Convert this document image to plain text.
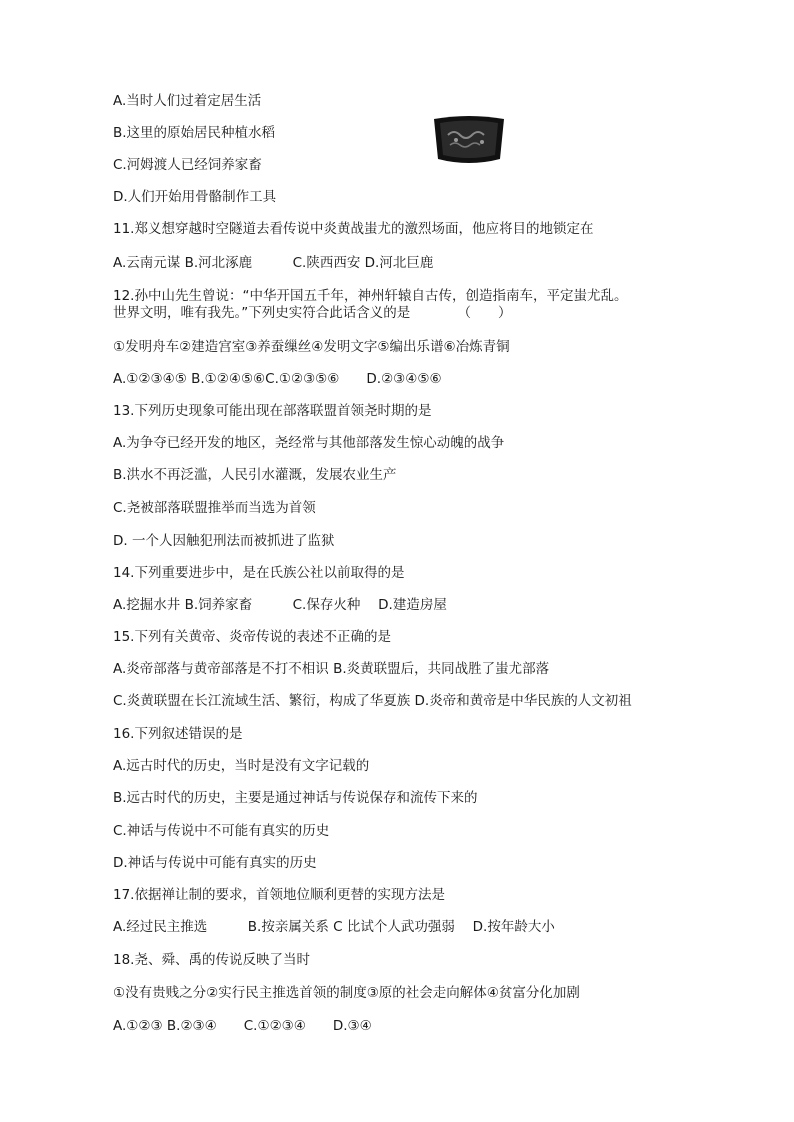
A.当时人们过着定居生活
B.这里的原始居民种植水稻
C.河姆渡人已经饲养家畜
D.人们开始用骨骼制作工具
11.郑义想穿越时空隧道去看传说中炎黄战蚩尤的激烈场面，他应将目的地锁定在
A.云南元谋 B.河北涿鹿　　　C.陕西西安 D.河北巨鹿
12.孙中山先生曾说：“中华开国五千年，神州轩辕自古传，创造指南车，平定蚩尤乱。
世界文明，唯有我先。”下列史实符合此话含义的是　　　　（　　）
①发明舟车②建造宫室③养蚕缫丝④发明文字⑤编出乐谱⑥冶炼青铜
A.①②③④⑤ B.①②④⑤⑥C.①②③⑤⑥　　D.②③④⑤⑥
13.下列历史现象可能出现在部落联盟首领尧时期的是
A.为争夺已经开发的地区，尧经常与其他部落发生惊心动魄的战争
B.洪水不再泛滥，人民引水灌溉，发展农业生产
C.尧被部落联盟推举而当选为首领
D. 一个人因触犯刑法而被抓进了监狱
14.下列重要进步中，是在氏族公社以前取得的是
A.挖掘水井 B.饲养家畜　　　C.保存火种　 D.建造房屋
15.下列有关黄帝、炎帝传说的表述不正确的是
A.炎帝部落与黄帝部落是不打不相识 B.炎黄联盟后，共同战胜了蚩尤部落
C.炎黄联盟在长江流域生活、繁衍，构成了华夏族 D.炎帝和黄帝是中华民族的人文初祖
16.下列叙述错误的是
A.远古时代的历史，当时是没有文字记载的
B.远古时代的历史，主要是通过神话与传说保存和流传下来的
C.神话与传说中不可能有真实的历史
D.神话与传说中可能有真实的历史
17.依据禅让制的要求，首领地位顺利更替的实现方法是
A.经过民主推选　　　B.按亲属关系 C 比试个人武功强弱　 D.按年龄大小
18.尧、舜、禹的传说反映了当时
①没有贵贱之分②实行民主推选首领的制度③原的社会走向解体④贫富分化加剧
A.①②③ B.②③④　　C.①②③④　　D.③④
